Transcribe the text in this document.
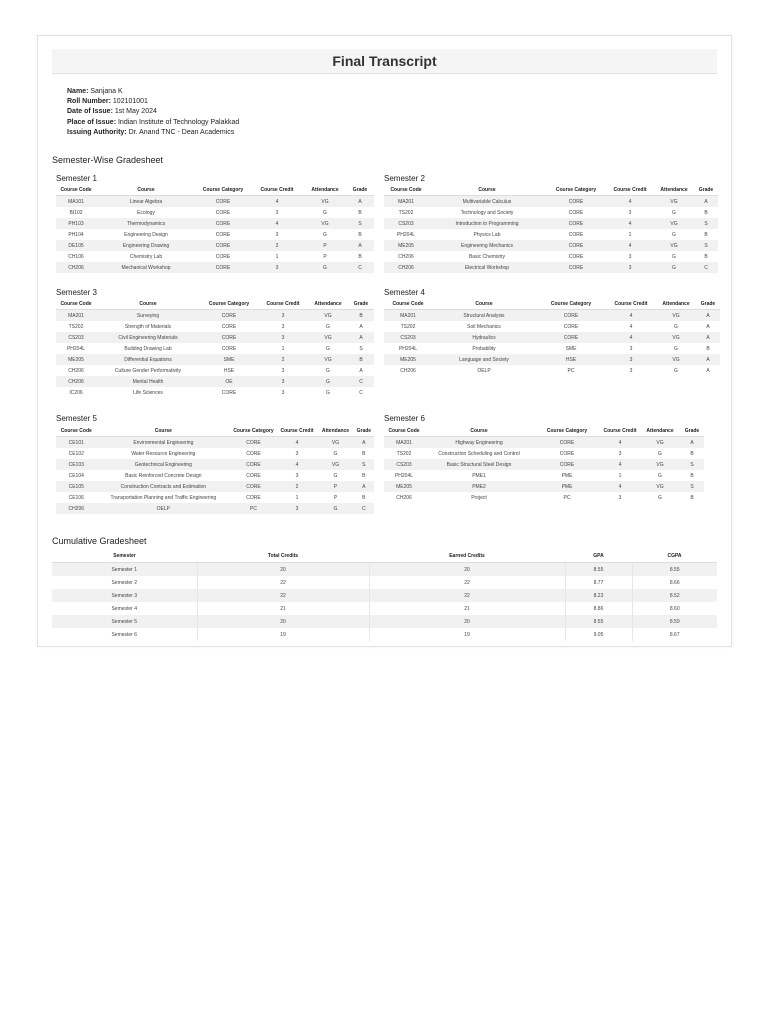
Final Transcript
Name: Sanjana K
Roll Number: 102101001
Date of Issue: 1st May 2024
Place of Issue: Indian Institute of Technology Palakkad
Issuing Authority: Dr. Anand TNC - Dean Academics
Semester-Wise Gradesheet
Semester 1
Course Code	Course	Course Category	Course Credit	Attendance	Grade
MA101	Linear Algebra	CORE	4	VG	A
BI102	Ecology	CORE	3	G	B
PH103	Thermodynamics	CORE	4	VG	S
PH104	Engineering Design	CORE	3	G	B
DE105	Engineering Drawing	CORE	2	P	A
CH106	Chemistry Lab	CORE	1	P	B
CH206	Mechanical Workshop	CORE	3	G	C
Semester 2
Course Code	Course	Course Category	Course Credit	Attendance	Grade
MA201	Multivariable Calculus	CORE	4	VG	A
TS202	Technology and Society	CORE	3	G	B
CS203	Introduction to Programming	CORE	4	VG	S
PH204L	Physics Lab	CORE	1	G	B
ME205	Engineering Mechanics	CORE	4	VG	S
CH206	Basic Chemistry	CORE	3	G	B
CH206	Electrical Workshop	CORE	3	G	C
Semester 3
Course Code	Course	Course Category	Course Credit	Attendance	Grade
MA201	Surveying	CORE	3	VG	B
TS202	Strength of Materials	CORE	3	G	A
CS203	Civil Engineering Materials	CORE	3	VG	A
PH204L	Building Drawing Lab	CORE	1	G	S
ME205	Differential Equations	SME	2	VG	B
CH206	Culture Gender Performativity	HSE	3	G	A
CH206	Mental Health	OE	3	G	C
IC206	Life Sciences	CORE	3	G	C
Semester 4
Course Code	Course	Course Category	Course Credit	Attendance	Grade
MA201	Structural Analysis	CORE	4	VG	A
TS202	Soil Mechanics	CORE	4	G	A
CS203	Hydraulics	CORE	4	VG	A
PH204L	Probability	SME	3	G	B
ME205	Language and Society	HSE	3	VG	A
CH206	OELP	PC	3	G	A
Semester 5
Course Code	Course	Course Category	Course Credit	Attendance	Grade
CE101	Environmental Engineering	CORE	4	VG	A
CE102	Water Resource Engineering	CORE	3	G	B
CE103	Geotechnical Engineering	CORE	4	VG	S
CE104	Basic Reinforced Concrete Design	CORE	3	G	B
CE105	Construction Contracts and Estimation	CORE	2	P	A
CE106	Transportation Planning and Traffic Engineering	CORE	1	P	B
CH206	OELP	PC	3	G	C
Semester 6
Course Code	Course	Course Category	Course Credit	Attendance	Grade
MA201	Highway Engineering	CORE	4	VG	A
TS202	Construction Scheduling and Control	CORE	3	G	B
CS203	Basic Structural Steel Design	CORE	4	VG	S
PH204L	PME1	PME	1	G	B
ME205	PME2	PME	4	VG	S
CH206	Project	PC	3	G	B
Cumulative Gradesheet
Semester	Total Credits	Earned Credits	GPA	CGPA
Semester 1	20	20	8.55	8.55
Semester 2	22	22	8.77	8.66
Semester 3	22	22	8.23	8.52
Semester 4	21	21	8.86	8.60
Semester 5	20	20	8.55	8.59
Semester 6	19	19	9.05	8.67
